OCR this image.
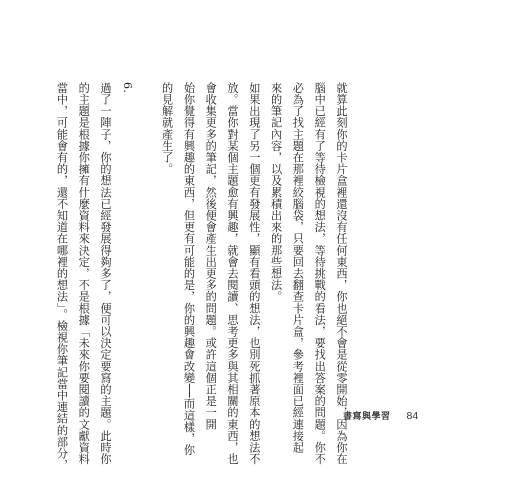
就算此刻你的卡片盒裡還沒有任何東西，你也絕不會是從零開始，因為你在
腦中已經有了等待檢視的想法，等待挑戰的看法，要找出答案的問題。你不
必為了找主題在那裡絞腦袋，只要回去翻查卡片盒，參考裡面已經連接起
來的筆記內容，以及累積出來的那些想法。
如果出現了另一個更有發展性，顯有看頭的想法，也別死抓著原本的想法不
放。當你對某個主題愈有興趣，就會去閱讀、思考更多與其相關的東西，也
會收集更多的筆記，然後便會產生出更多的問題。或許這個正是一開
始你覺得有興趣的東西，但更有可能的是，你的興趣會改變──而這樣，你
的見解就產生了。
6.
過了一陣子，你的想法已經發展得夠多了，便可以決定要寫的主題。此時你
的主題是根據你擁有什麼資料來決定，不是根據「未來你要閱讀的文獻資料
當中，可能會有的，還不知道在哪裡的想法」。檢視你筆記當中連結的部分，	書寫與學習 84
